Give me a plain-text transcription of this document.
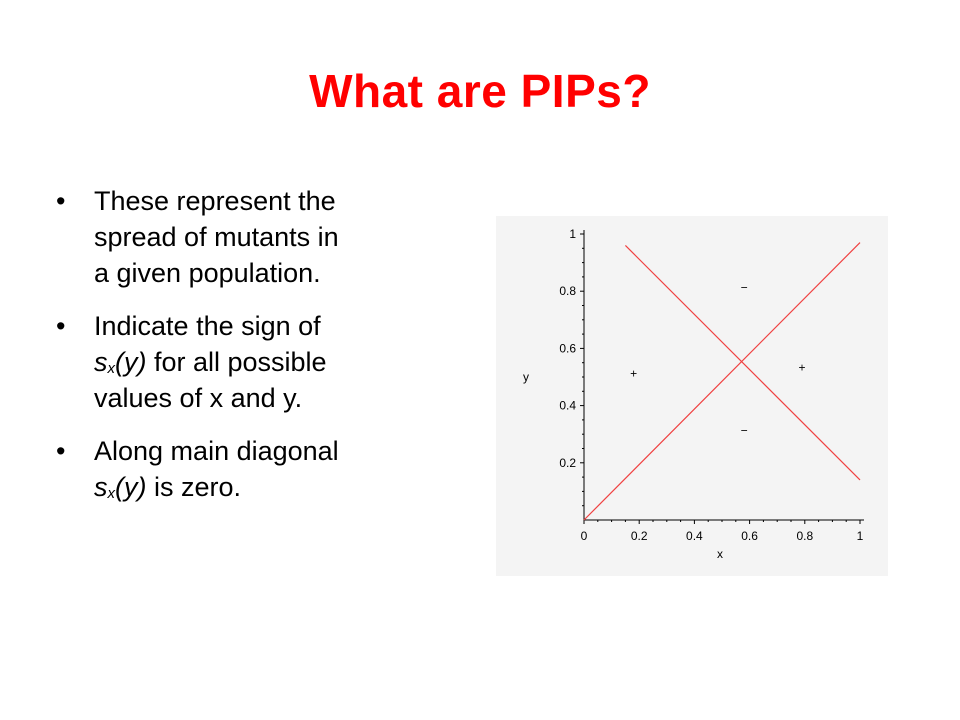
What are PIPs?
• These represent the
spread of mutants in
a given population.
• Indicate the sign of
$s_x(y)$ for all possible
values of x and y.
• Along main diagonal
$s_x(y)$ is zero.
0	0.2	0.4	0.6	0.8	1
0.2
0.4
0.6
0.8
1
x
y
−
+	+
−
